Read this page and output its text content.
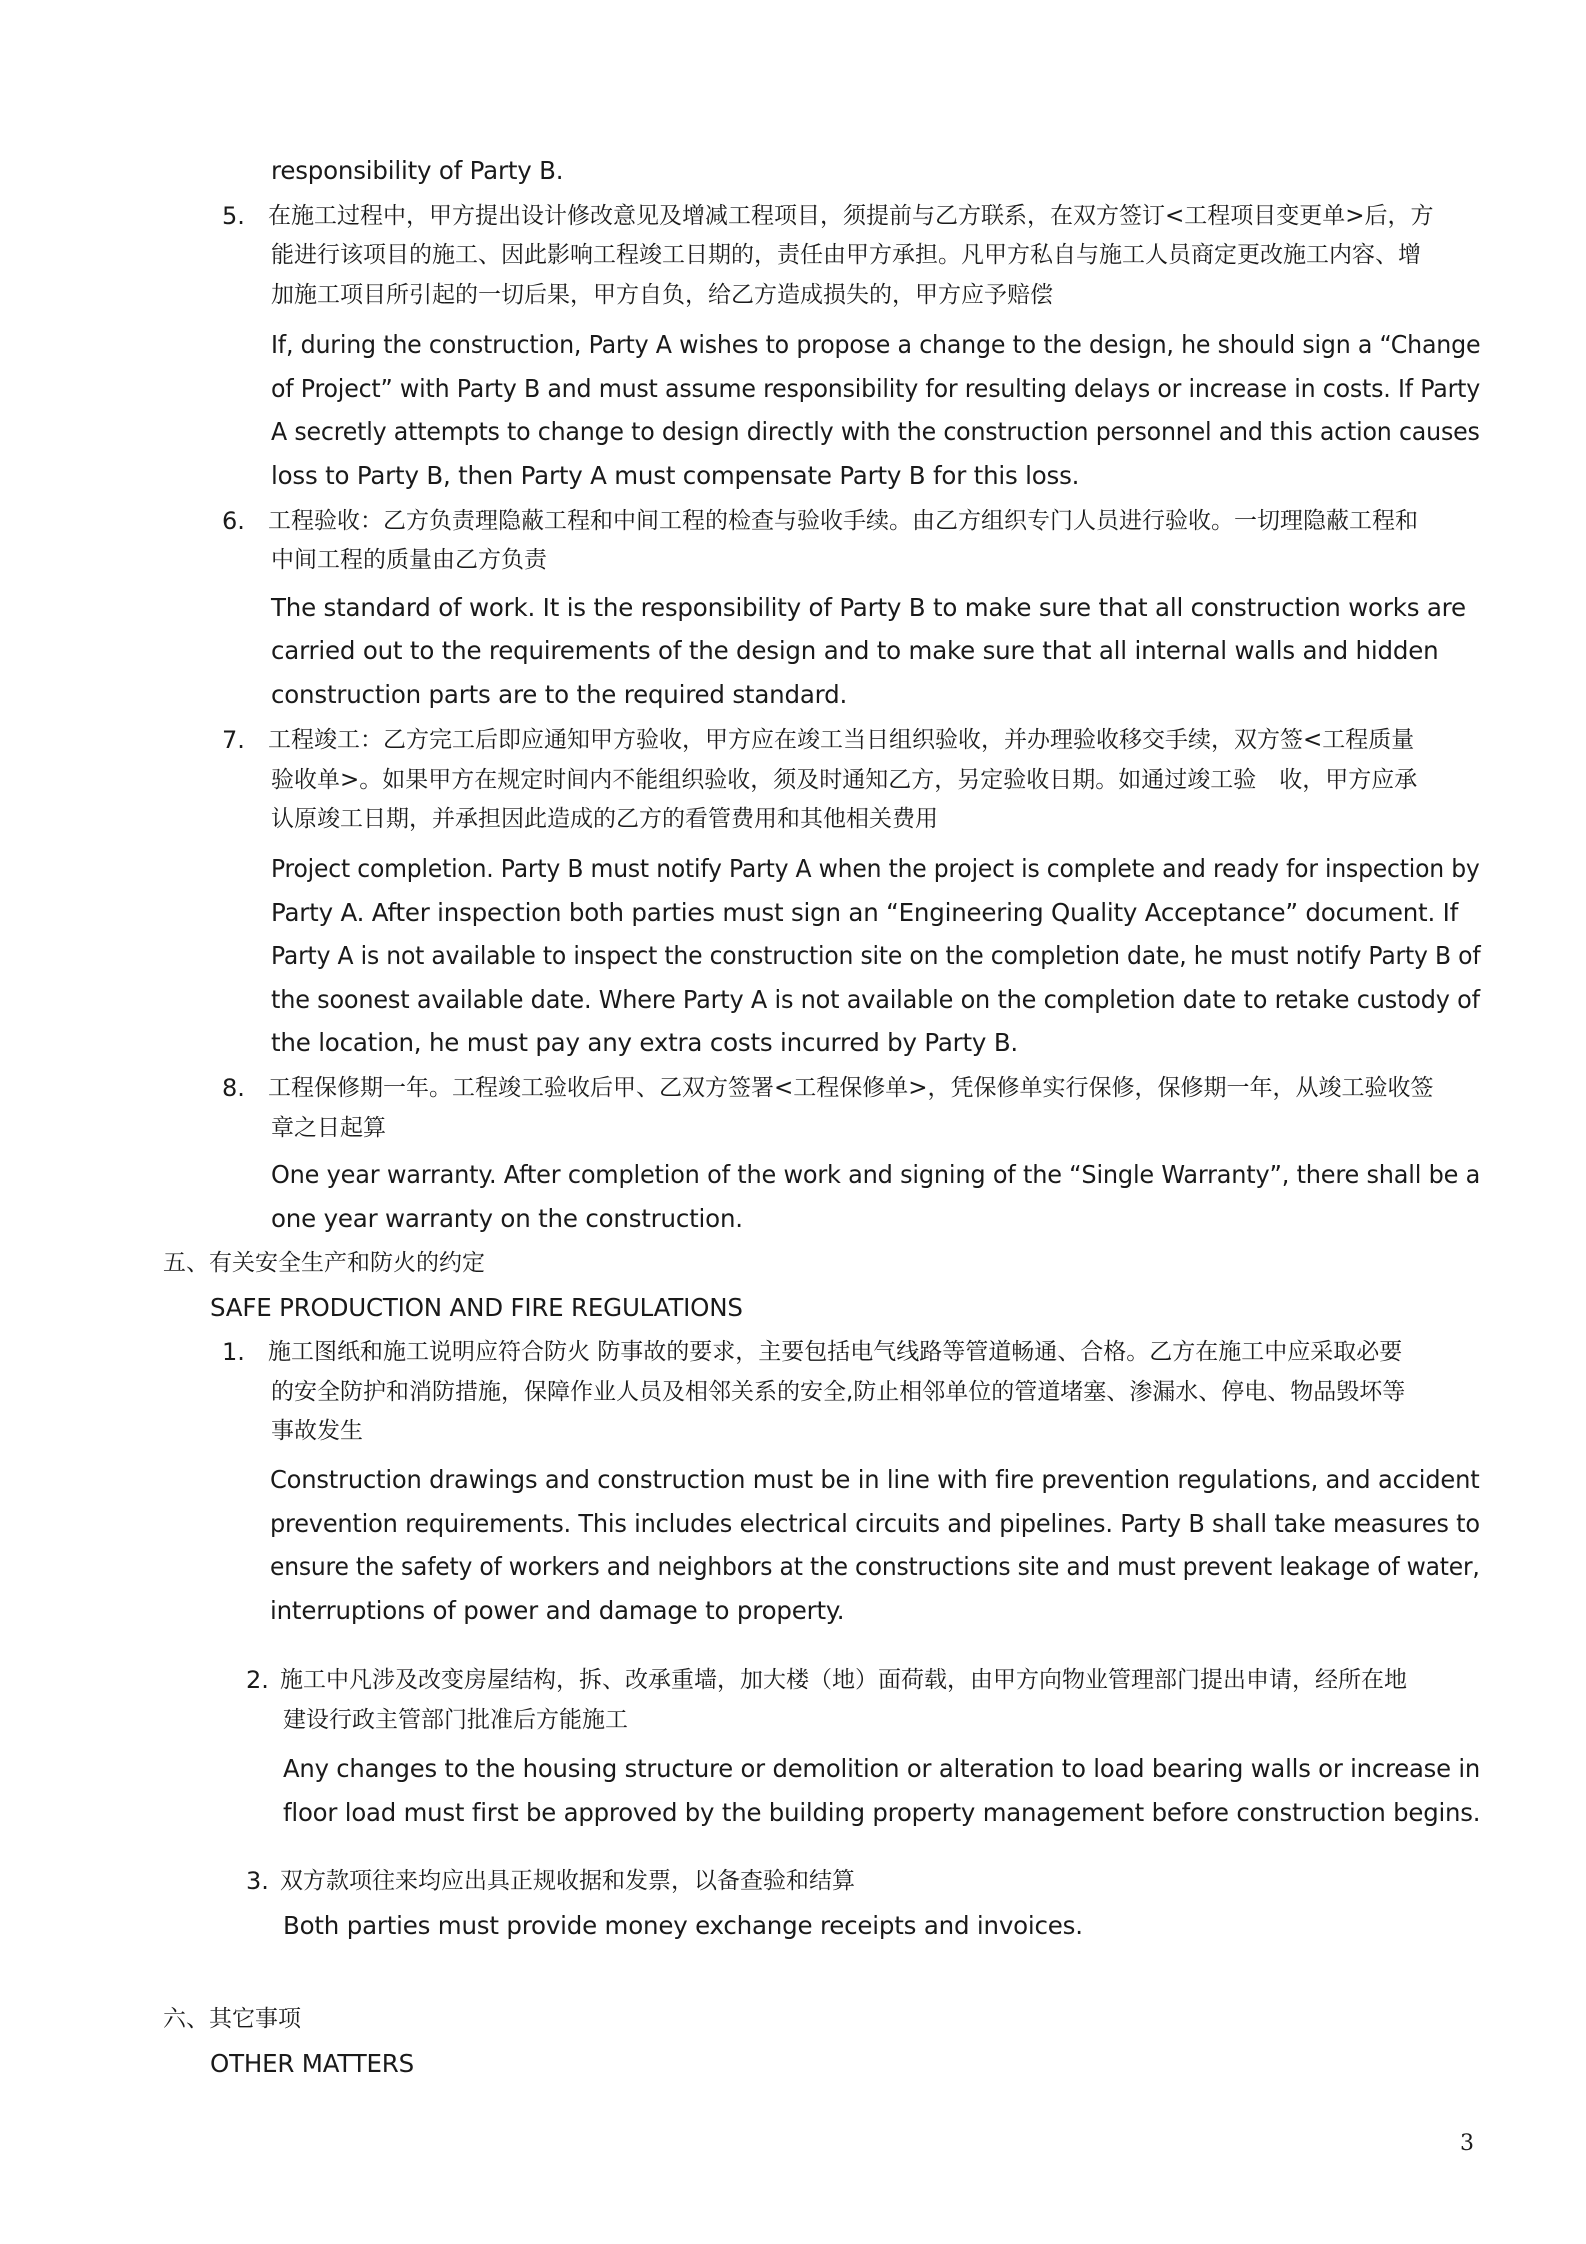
responsibility of Party B.
5. 在施工过程中，甲方提出设计修改意见及增减工程项目，须提前与乙方联系，在双方签订<工程项目变更单>后，方
能进行该项目的施工、因此影响工程竣工日期的，责任由甲方承担。凡甲方私自与施工人员商定更改施工内容、增
加施工项目所引起的一切后果，甲方自负，给乙方造成损失的，甲方应予赔偿
If, during the construction, Party A wishes to propose a change to the design, he should sign a “Change
of Project” with Party B and must assume responsibility for resulting delays or increase in costs. If Party
A secretly attempts to change to design directly with the construction personnel and this action causes
loss to Party B, then Party A must compensate Party B for this loss.
6. 工程验收：乙方负责理隐蔽工程和中间工程的检查与验收手续。由乙方组织专门人员进行验收。一切理隐蔽工程和
中间工程的质量由乙方负责
The standard of work. It is the responsibility of Party B to make sure that all construction works are
carried out to the requirements of the design and to make sure that all internal walls and hidden
construction parts are to the required standard.
7. 工程竣工：乙方完工后即应通知甲方验收，甲方应在竣工当日组织验收，并办理验收移交手续，双方签<工程质量
验收单>。如果甲方在规定时间内不能组织验收，须及时通知乙方，另定验收日期。如通过竣工验　收，甲方应承
认原竣工日期，并承担因此造成的乙方的看管费用和其他相关费用
Project completion. Party B must notify Party A when the project is complete and ready for inspection by
Party A. After inspection both parties must sign an “Engineering Quality Acceptance” document. If
Party A is not available to inspect the construction site on the completion date, he must notify Party B of
the soonest available date. Where Party A is not available on the completion date to retake custody of
the location, he must pay any extra costs incurred by Party B.
8. 工程保修期一年。工程竣工验收后甲、乙双方签署<工程保修单>，凭保修单实行保修，保修期一年，从竣工验收签
章之日起算
One year warranty. After completion of the work and signing of the “Single Warranty”, there shall be a
one year warranty on the construction.
五、有关安全生产和防火的约定
SAFE PRODUCTION AND FIRE REGULATIONS
1. 施工图纸和施工说明应符合防火 防事故的要求，主要包括电气线路等管道畅通、合格。乙方在施工中应采取必要
的安全防护和消防措施，保障作业人员及相邻关系的安全,防止相邻单位的管道堵塞、渗漏水、停电、物品毁坏等
事故发生
Construction drawings and construction must be in line with fire prevention regulations, and accident
prevention requirements. This includes electrical circuits and pipelines. Party B shall take measures to
ensure the safety of workers and neighbors at the constructions site and must prevent leakage of water,
interruptions of power and damage to property.
2. 施工中凡涉及改变房屋结构，拆、改承重墙，加大楼（地）面荷载，由甲方向物业管理部门提出申请，经所在地
建设行政主管部门批准后方能施工
Any changes to the housing structure or demolition or alteration to load bearing walls or increase in
floor load must first be approved by the building property management before construction begins.
3. 双方款项往来均应出具正规收据和发票，以备查验和结算
Both parties must provide money exchange receipts and invoices.
六、其它事项
OTHER MATTERS
3
